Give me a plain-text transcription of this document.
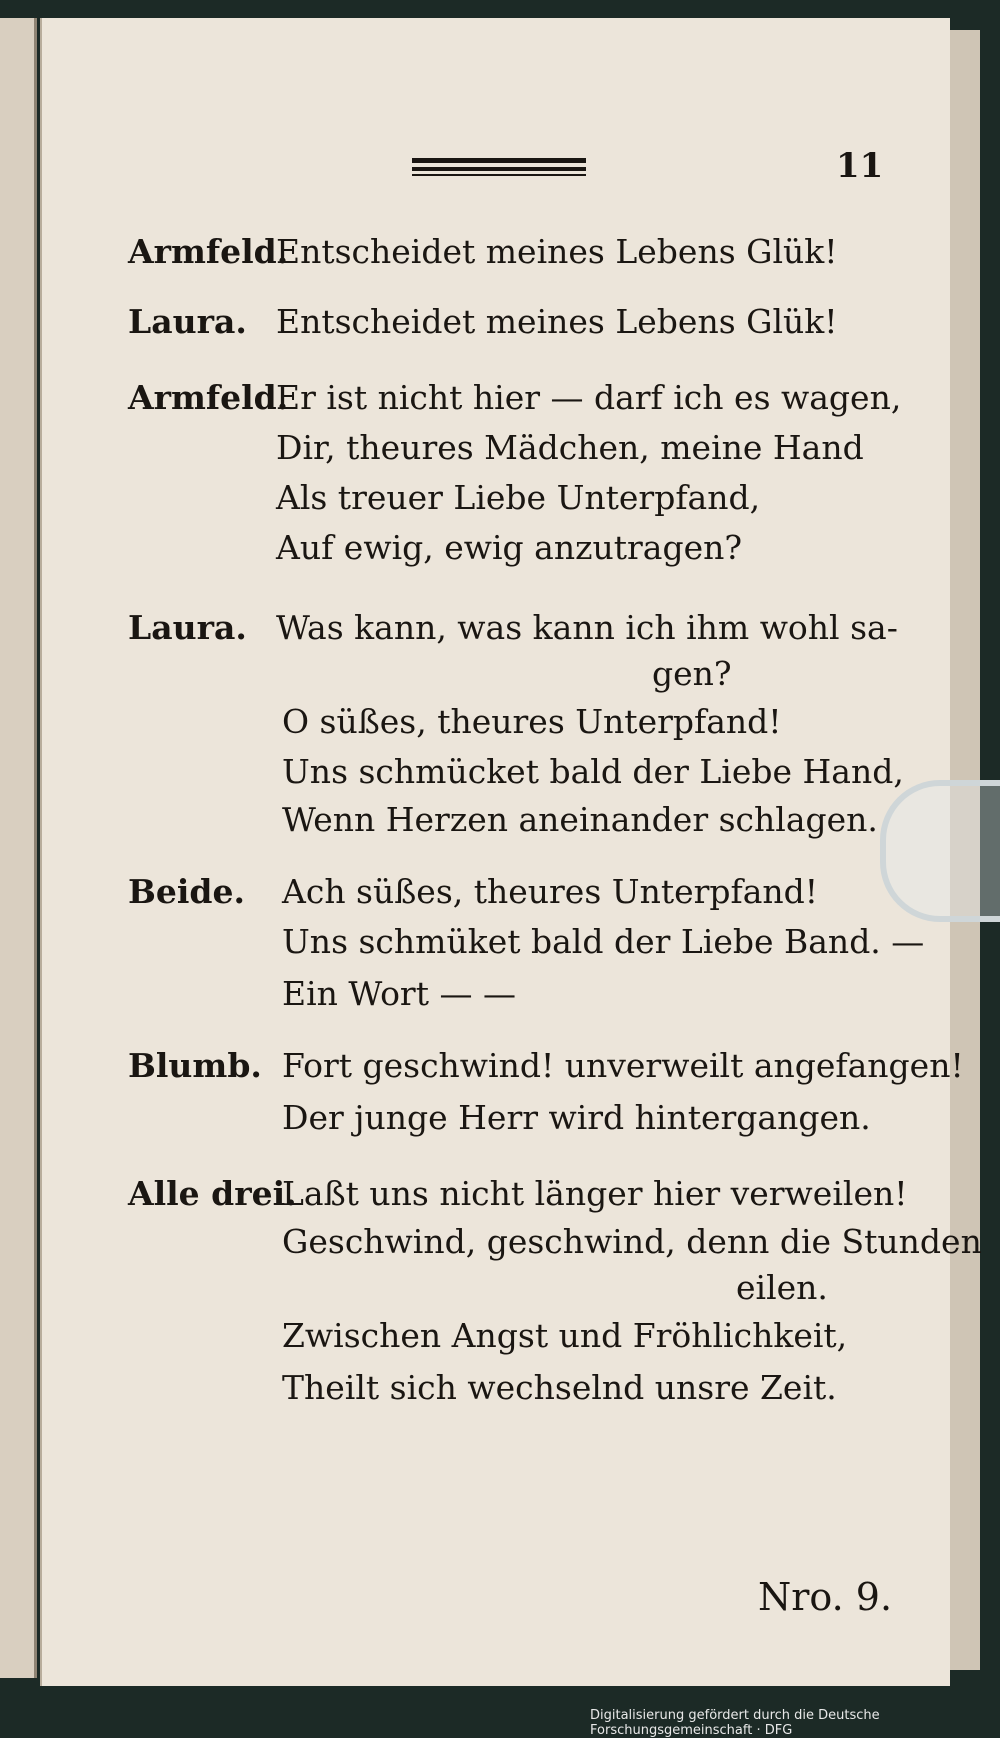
11
Armfeld.
Entscheidet meines Lebens Glük!
Laura. Entscheidet meines Lebens Glük!
Armfeld.
Er ist nicht hier — darf ich es wagen,
Dir, theures Mädchen, meine Hand
Als treuer Liebe Unterpfand,
Auf ewig, ewig anzutragen?
Laura. Was kann, was kann ich ihm wohl sa-
gen?
O süßes, theures Unterpfand!
Uns schmücket bald der Liebe Hand,
Wenn Herzen aneinander schlagen.
Beide. Ach süßes, theures Unterpfand!
Uns schmüket bald der Liebe Band. —
Ein Wort — —
Blumb. Fort geschwind! unverweilt angefangen!
Der junge Herr wird hintergangen.
Alle drei.
Laßt uns nicht länger hier verweilen!
Geschwind, geschwind, denn die Stunden
eilen.
Zwischen Angst und Fröhlichkeit,
Theilt sich wechselnd unsre Zeit.
Nro. 9.
Digitalisierung gefördert durch die Deutsche Forschungsgemeinschaft · DFG
